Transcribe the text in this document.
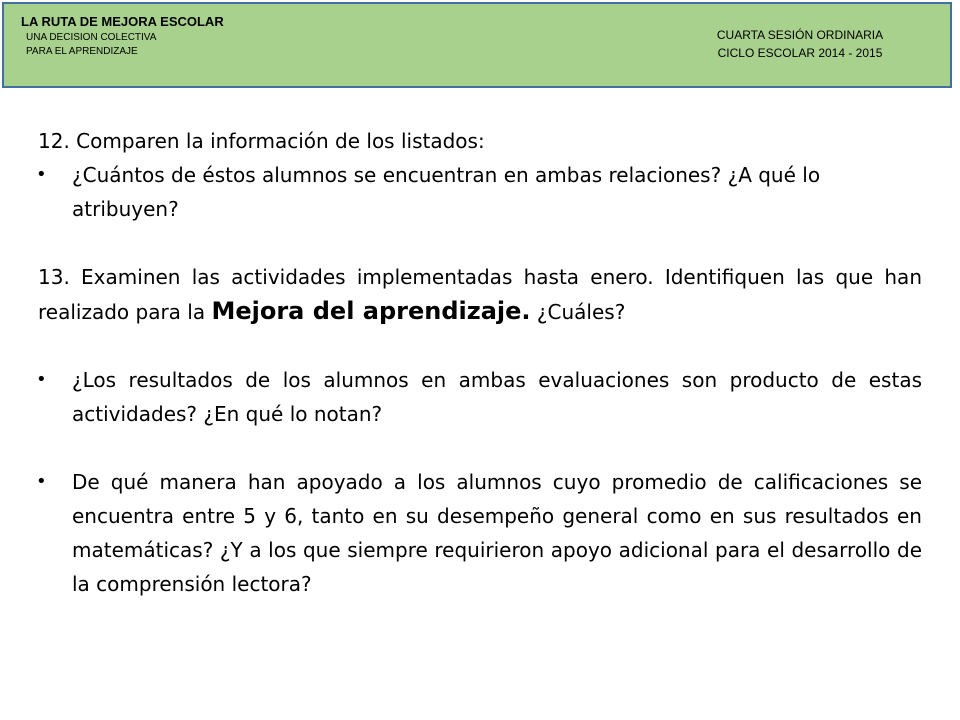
LA RUTA DE MEJORA ESCOLAR
UNA DECISION COLECTIVA
PARA EL APRENDIZAJE
CUARTA SESIÓN ORDINARIA
CICLO ESCOLAR 2014 - 2015

12. Comparen la información de los listados:

• ¿Cuántos de éstos alumnos se encuentran en ambas relaciones? ¿A qué lo atribuyen?

13. Examinen las actividades implementadas hasta enero. Identifiquen las que han realizado para la Mejora del aprendizaje. ¿Cuáles?

• ¿Los resultados de los alumnos en ambas evaluaciones son producto de estas actividades? ¿En qué lo notan?

• De qué manera han apoyado a los alumnos cuyo promedio de calificaciones se encuentra entre 5 y 6, tanto en su desempeño general como en sus resultados en matemáticas? ¿Y a los que siempre requirieron apoyo adicional para el desarrollo de la comprensión lectora?
